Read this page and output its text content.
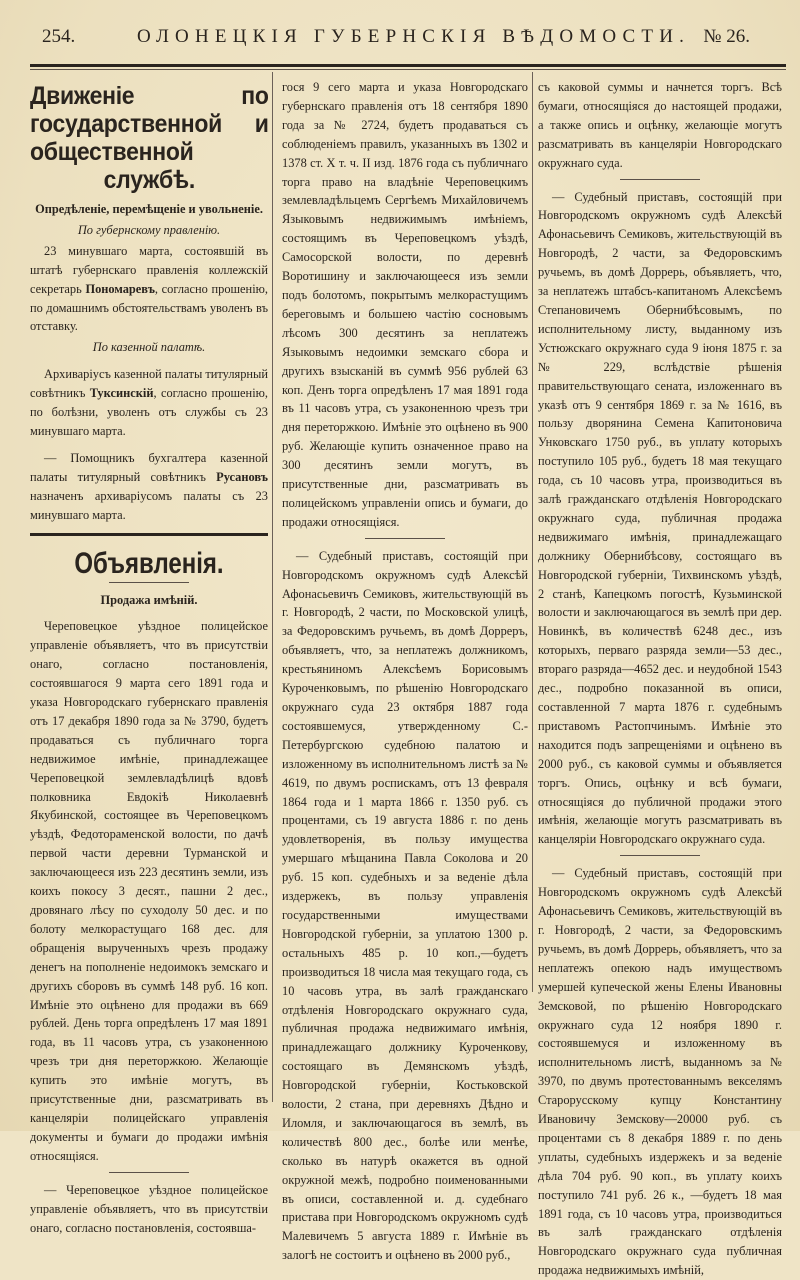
254.	ОЛОНЕЦКІЯ ГУБЕРНСКІЯ ВѢДОМОСТИ. № 26.
Движеніе по государственной и общественной службѣ.
Опредѣленіе, перемѣщеніе и увольненіе.
По губернскому правленію.

23 минувшаго марта, состоявшій въ штатѣ губернскаго правленія коллежскій секретарь Пономаревъ, согласно прошенію, по домашнимъ обстоятельствамъ уволенъ въ отставку.

По казенной палатѣ.

Архиваріусъ казенной палаты титулярный совѣтникъ Туксинскій, согласно прошенію, по болѣзни, уволенъ отъ службы съ 23 минувшаго марта.

— Помощникъ бухгалтера казенной палаты титулярный совѣтникъ Русановъ назначенъ архиваріусомъ палаты съ 23 минувшаго марта.

Объявленія.
Продажа имѣній.

Череповецкое уѣздное полицейское управленіе объявляетъ, что въ присутствіи онаго, согласно постановленія, состоявшагося 9 марта сего 1891 года и указа Новгородскаго губернскаго правленія отъ 17 декабря 1890 года за № 3790, будетъ продаваться съ публичнаго торга недвижимое имѣніе, принадлежащее Череповецкой землевладѣлицѣ вдовѣ полковника Евдокіѣ Николаевнѣ Якубинской, состоящее въ Череповецкомъ уѣздѣ, Федотораменской волости, по дачѣ первой части деревни Турманской и заключающееся изъ 223 десятинъ земли, изъ коихъ покосу 3 десят., пашни 2 дес., дровянаго лѣсу по суходолу 50 дес. и по болоту мелкорастущаго 168 дес. для обращенія вырученныхъ чрезъ продажу денегъ на пополненіе недоимокъ земскаго и другихъ сборовъ въ суммѣ 148 руб. 16 коп. Имѣніе это оцѣнено для продажи въ 669 рублей. День торга опредѣленъ 17 мая 1891 года, въ 11 часовъ утра, съ узаконенною чрезъ три дня переторжкою. Желающіе купить это имѣніе могутъ, въ присутственные дни, разсматривать въ канцеляріи полицейскаго управленія документы и бумаги до продажи имѣнія относящіяся.

— Череповецкое уѣздное полицейское управленіе объявляетъ, что въ присутствіи онаго, согласно постановленія, состоявша-

гося 9 сего марта и указа Новгородскаго губернскаго правленія отъ 18 сентября 1890 года за № 2724, будетъ продаваться съ соблюденіемъ правилъ, указанныхъ въ 1302 и 1378 ст. X т. ч. II изд. 1876 года съ публичнаго торга право на владѣніе Череповецкимъ землевладѣльцемъ Сергѣемъ Михайловичемъ Языковымъ недвижимымъ имѣніемъ, состоящимъ въ Череповецкомъ уѣздѣ, Самосорской волости, по деревнѣ Воротишину и заключающееся изъ земли подъ болотомъ, покрытымъ мелкорастущимъ береговымъ и большею частію сосновымъ лѣсомъ 300 десятинъ за неплатежъ Языковымъ недоимки земскаго сбора и другихъ взысканій въ суммѣ 956 рублей 63 коп. Денъ торга опредѣленъ 17 мая 1891 года въ 11 часовъ утра, съ узаконенною чрезъ три дня переторжкою. Имѣніе это оцѣнено въ 900 руб. Желающіе купить означенное право на 300 десятинъ земли могутъ, въ присутственные дни, разсматривать въ полицейскомъ управленіи опись и бумаги, до продажи относящіяся.

— Судебный приставъ, состоящій при Новгородскомъ окружномъ судѣ Алексѣй Афонасьевичъ Семиковъ, жительствующій въ г. Новгородѣ, 2 части, по Московской улицѣ, за Федоровскимъ ручьемъ, въ домѣ Дорреръ, объявляетъ, что, за неплатежъ должникомъ, крестьяниномъ Алексѣемъ Борисовымъ Куроченковымъ, по рѣшенію Новгородскаго окружнаго суда 23 октября 1887 года состоявшемуся, утвержденному С.-Петербургскою судебною палатою и изложенному въ исполнительномъ листѣ за № 4619, по двумъ роспискамъ, отъ 13 февраля 1864 года и 1 марта 1866 г. 1350 руб. съ процентами, съ 19 августа 1886 г. по день удовлетворенія, въ пользу имущества умершаго мѣщанина Павла Соколова и 20 руб. 15 коп. судебныхъ и за веденіе дѣла издержекъ, въ пользу управленія государственными имуществами Новгородской губерніи, за уплатою 1300 р. остальныхъ 485 р. 10 коп.,—будетъ производиться 18 числа мая текущаго года, съ 10 часовъ утра, въ залѣ гражданскаго отдѣленія Новгородскаго окружнаго суда, публичная продажа недвижимаго имѣнія, принадлежащаго должнику Куроченкову, состоящаго въ Демянскомъ уѣздѣ, Новгородской губерніи, Костьковской волости, 2 стана, при деревняхъ Дѣдно и Иломля, и заключающагося въ землѣ, въ количествѣ 800 дес., болѣе или менѣе, сколько въ натурѣ окажется въ одной окружной межѣ, подробно поименованными въ описи, составленной и. д. судебнаго пристава при Новгородскомъ окружномъ судѣ Малевичемъ 5 августа 1889 г. Имѣніе въ залогѣ не состоитъ и оцѣнено въ 2000 руб.,

съ каковой суммы и начнется торгъ. Всѣ бумаги, относящіяся до настоящей продажи, а также опись и оцѣнку, желающіе могутъ разсматривать въ канцеляріи Новгородскаго окружнаго суда.

— Судебный приставъ, состоящій при Новгородскомъ окружномъ судѣ Алексѣй Афонасьевичъ Семиковъ, жительствующій въ Новгородѣ, 2 части, за Федоровскимъ ручьемъ, въ домѣ Доррерь, объявляетъ, что, за неплатежъ штабсъ-капитаномъ Алексѣемъ Степановичемъ Обернибѣсовымъ, по исполнительному листу, выданному изъ Устюжскаго окружнаго суда 9 іюня 1875 г. за № 229, вслѣдствіе рѣшенія правительствующаго сената, изложеннаго въ указѣ отъ 9 сентября 1869 г. за № 1616, въ пользу дворянина Семена Капитоновича Унковскаго 1750 руб., въ уплату которыхъ поступило 105 руб., будетъ 18 мая текущаго года, съ 10 часовъ утра, производиться въ залѣ гражданскаго отдѣленія Новгородскаго окружнаго суда, публичная продажа недвижимаго имѣнія, принадлежащаго должнику Обернибѣсову, состоящаго въ Новгородской губерніи, Тихвинскомъ уѣздѣ, 2 станѣ, Капецкомъ погостѣ, Кузьминской волости и заключающагося въ землѣ при дер. Новинкѣ, въ количествѣ 6248 дес., изъ которыхъ, перваго разряда земли—53 дес., втораго разряда—4652 дес. и неудобной 1543 дес., подробно показанной въ описи, составленной 7 марта 1876 г. судебнымъ приставомъ Растопчинымъ. Имѣніе это находится подъ запрещеніями и оцѣнено въ 2000 руб., съ каковой суммы и объявляется торгъ. Опись, оцѣнку и всѣ бумаги, относящіяся до публичной продажи этого имѣнія, желающіе могутъ разсматривать въ канцеляріи Новгородскаго окружнаго суда.

— Судебный приставъ, состоящій при Новгородскомъ окружномъ судѣ Алексѣй Афонасьевичъ Семиковъ, жительствующій въ г. Новгородѣ, 2 части, за Федоровскимъ ручьемъ, въ домѣ Доррерь, объявляетъ, что за неплатежъ опекою надъ имуществомъ умершей купеческой жены Елены Ивановны Земсковой, по рѣшенію Новгородскаго окружнаго суда 12 ноября 1890 г. состоявшемуся и изложенному въ исполнительномъ листѣ, выданномъ за № 3970, по двумъ протестованнымъ векселямъ Старорусскому купцу Константину Ивановичу Земскову—20000 руб. съ процентами съ 8 декабря 1889 г. по день уплаты, судебныхъ издержекъ и за веденіе дѣла 704 руб. 90 коп., въ уплату коихъ поступило 741 руб. 26 к., —будетъ 18 мая 1891 года, съ 10 часовъ утра, производиться въ залѣ гражданскаго отдѣленія Новгородскаго окружнаго суда публичная продажа недвижимыхъ имѣній,
